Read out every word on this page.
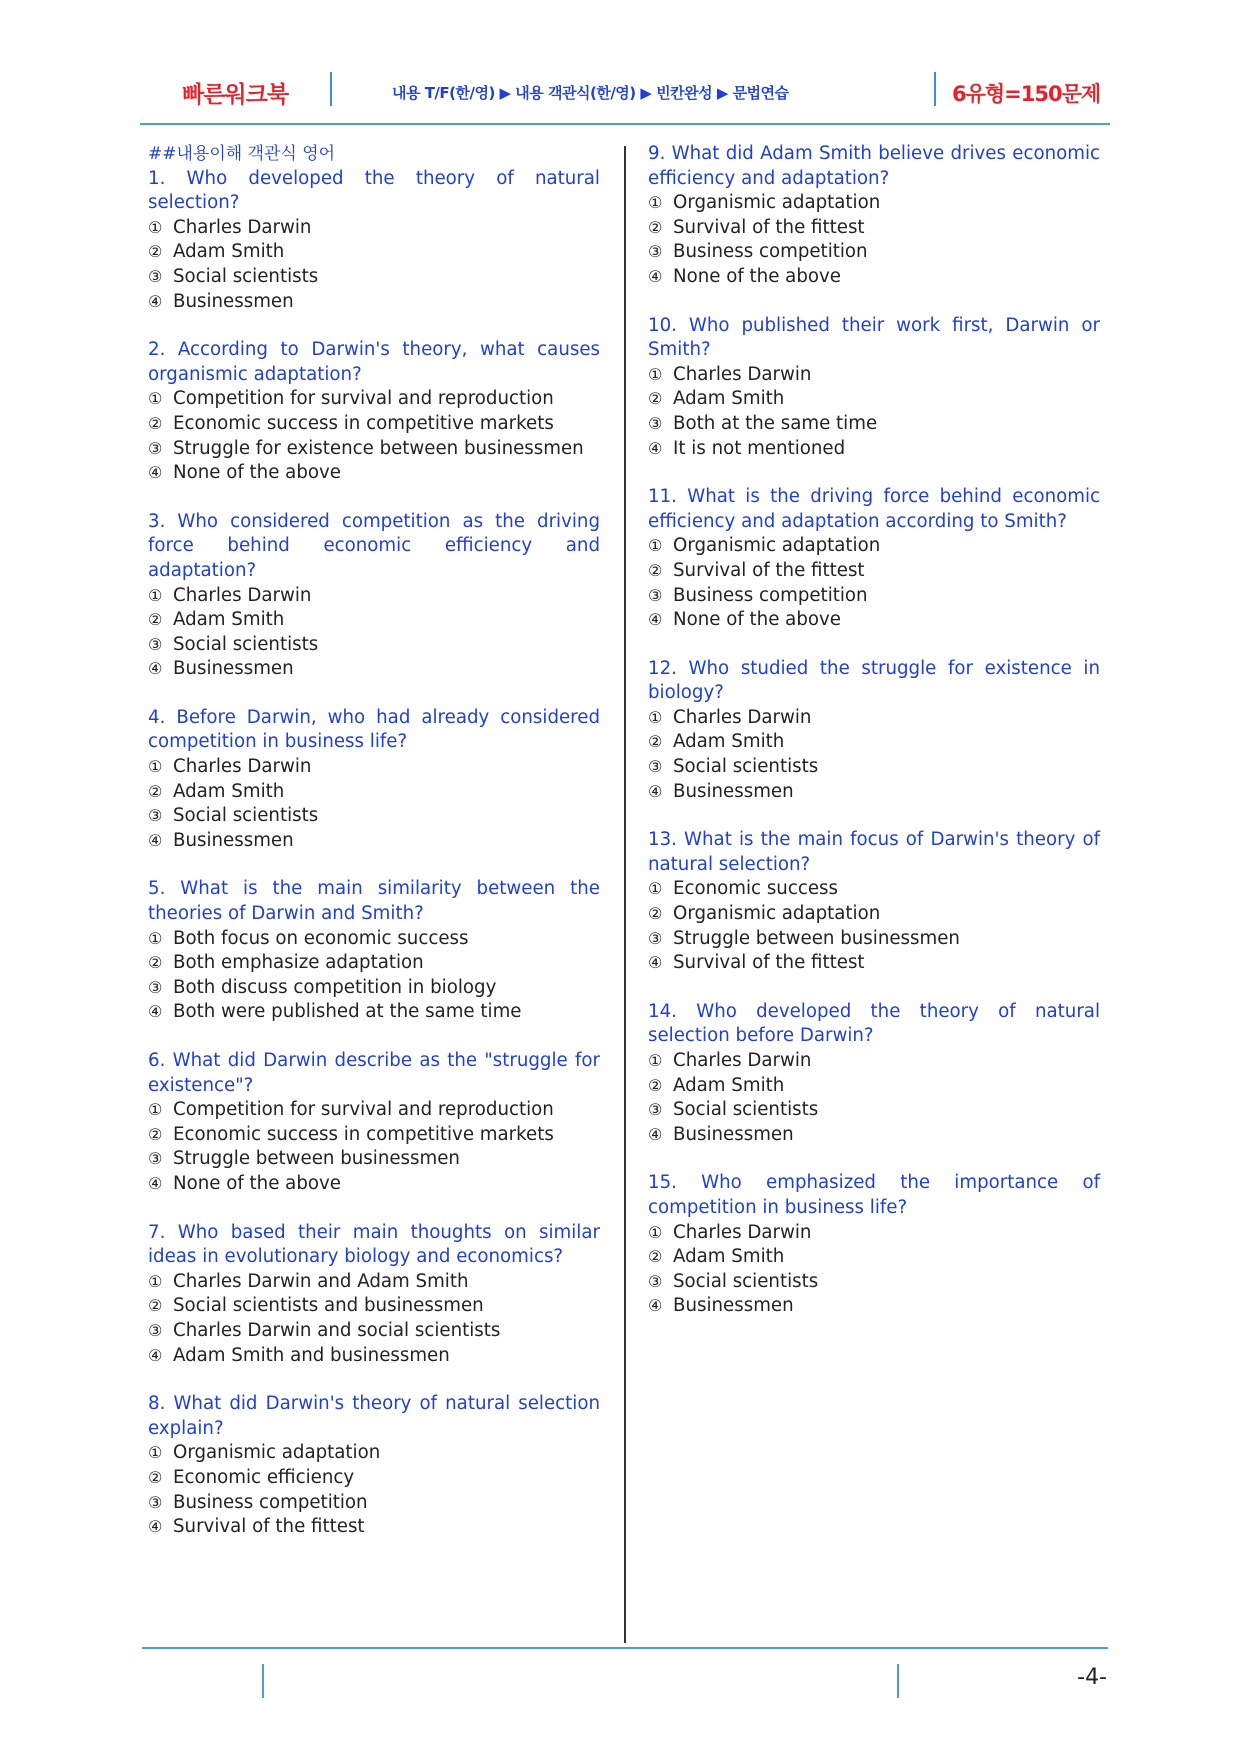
빠른워크북	내용 T/F(한/영) ▶ 내용 객관식(한/영) ▶ 빈칸완성 ▶ 문법연습	6유형=150문제
##내용이해 객관식 영어
1. Who developed the theory of natural selection?
① Charles Darwin
② Adam Smith
③ Social scientists
④ Businessmen
2. According to Darwin's theory, what causes organismic adaptation?
① Competition for survival and reproduction
② Economic success in competitive markets
③ Struggle for existence between businessmen
④ None of the above
3. Who considered competition as the driving force behind economic efficiency and adaptation?
① Charles Darwin
② Adam Smith
③ Social scientists
④ Businessmen
4. Before Darwin, who had already considered competition in business life?
① Charles Darwin
② Adam Smith
③ Social scientists
④ Businessmen
5. What is the main similarity between the theories of Darwin and Smith?
① Both focus on economic success
② Both emphasize adaptation
③ Both discuss competition in biology
④ Both were published at the same time
6. What did Darwin describe as the "struggle for existence"?
① Competition for survival and reproduction
② Economic success in competitive markets
③ Struggle between businessmen
④ None of the above
7. Who based their main thoughts on similar ideas in evolutionary biology and economics?
① Charles Darwin and Adam Smith
② Social scientists and businessmen
③ Charles Darwin and social scientists
④ Adam Smith and businessmen
8. What did Darwin's theory of natural selection explain?
① Organismic adaptation
② Economic efficiency
③ Business competition
④ Survival of the fittest
9. What did Adam Smith believe drives economic efficiency and adaptation?
① Organismic adaptation
② Survival of the fittest
③ Business competition
④ None of the above
10. Who published their work first, Darwin or Smith?
① Charles Darwin
② Adam Smith
③ Both at the same time
④ It is not mentioned
11. What is the driving force behind economic efficiency and adaptation according to Smith?
① Organismic adaptation
② Survival of the fittest
③ Business competition
④ None of the above
12. Who studied the struggle for existence in biology?
① Charles Darwin
② Adam Smith
③ Social scientists
④ Businessmen
13. What is the main focus of Darwin's theory of natural selection?
① Economic success
② Organismic adaptation
③ Struggle between businessmen
④ Survival of the fittest
14. Who developed the theory of natural selection before Darwin?
① Charles Darwin
② Adam Smith
③ Social scientists
④ Businessmen
15. Who emphasized the importance of competition in business life?
① Charles Darwin
② Adam Smith
③ Social scientists
④ Businessmen
-4-
